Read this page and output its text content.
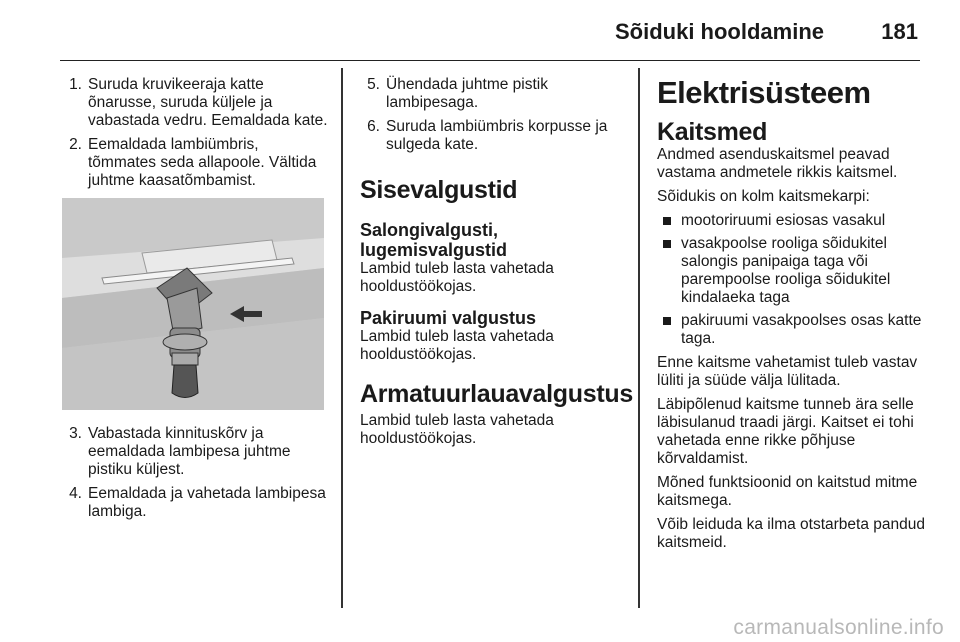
Sõiduki hooldamine	181
1. Suruda kruvikeeraja katte õnarusse, suruda küljele ja vabastada vedru. Eemaldada kate.
2. Eemaldada lambiümbris, tõmmates seda allapoole. Vältida juhtme kaasatõmbamist.
3. Vabastada kinnituskõrv ja eemaldada lambipesa juhtme pistiku küljest.
4. Eemaldada ja vahetada lambipesa lambiga.
5. Ühendada juhtme pistik lambipesaga.
6. Suruda lambiümbris korpusse ja sulgeda kate.
Sisevalgustid
Salongivalgusti, lugemisvalgustid

Lambid tuleb lasta vahetada hooldustöökojas.

Pakiruumi valgustus

Lambid tuleb lasta vahetada hooldustöökojas.

Armatuurlauavalgustus

Lambid tuleb lasta vahetada hooldustöökojas.

Elektrisüsteem
Kaitsmed

Andmed asenduskaitsmel peavad vastama andmetele rikkis kaitsmel.

Sõidukis on kolm kaitsmekarpi:

mootoriruumi esiosas vasakul
vasakpoolse rooliga sõidukitel salongis panipaiga taga või parempoolse rooliga sõidukitel kindalaeka taga
pakiruumi vasakpoolses osas katte taga.

Enne kaitsme vahetamist tuleb vastav lüliti ja süüde välja lülitada.

Läbipõlenud kaitsme tunneb ära selle läbisulanud traadi järgi. Kaitset ei tohi vahetada enne rikke põhjuse kõrvaldamist.

Mõned funktsioonid on kaitstud mitme kaitsmega.

Võib leiduda ka ilma otstarbeta pandud kaitsmeid.

carmanualsonline.info
